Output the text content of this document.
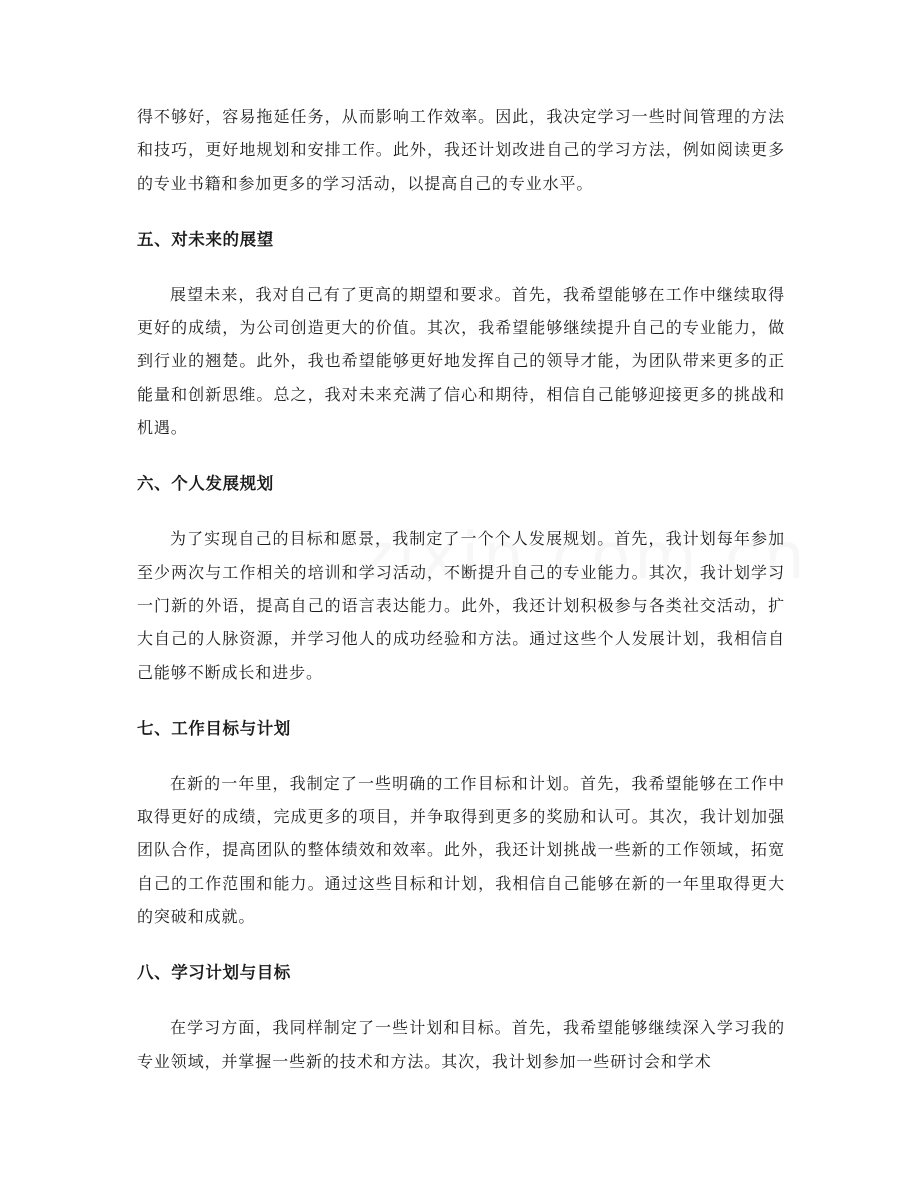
得不够好，容易拖延任务，从而影响工作效率。因此，我决定学习一些时间管理的方法和技巧，更好地规划和安排工作。此外，我还计划改进自己的学习方法，例如阅读更多的专业书籍和参加更多的学习活动，以提高自己的专业水平。

五、对未来的展望

展望未来，我对自己有了更高的期望和要求。首先，我希望能够在工作中继续取得更好的成绩，为公司创造更大的价值。其次，我希望能够继续提升自己的专业能力，做到行业的翘楚。此外，我也希望能够更好地发挥自己的领导才能，为团队带来更多的正能量和创新思维。总之，我对未来充满了信心和期待，相信自己能够迎接更多的挑战和机遇。

六、个人发展规划

为了实现自己的目标和愿景，我制定了一个个人发展规划。首先，我计划每年参加至少两次与工作相关的培训和学习活动，不断提升自己的专业能力。其次，我计划学习一门新的外语，提高自己的语言表达能力。此外，我还计划积极参与各类社交活动，扩大自己的人脉资源，并学习他人的成功经验和方法。通过这些个人发展计划，我相信自己能够不断成长和进步。

七、工作目标与计划

在新的一年里，我制定了一些明确的工作目标和计划。首先，我希望能够在工作中取得更好的成绩，完成更多的项目，并争取得到更多的奖励和认可。其次，我计划加强团队合作，提高团队的整体绩效和效率。此外，我还计划挑战一些新的工作领域，拓宽自己的工作范围和能力。通过这些目标和计划，我相信自己能够在新的一年里取得更大的突破和成就。

八、学习计划与目标

在学习方面，我同样制定了一些计划和目标。首先，我希望能够继续深入学习我的专业领域，并掌握一些新的技术和方法。其次，我计划参加一些研讨会和学术
